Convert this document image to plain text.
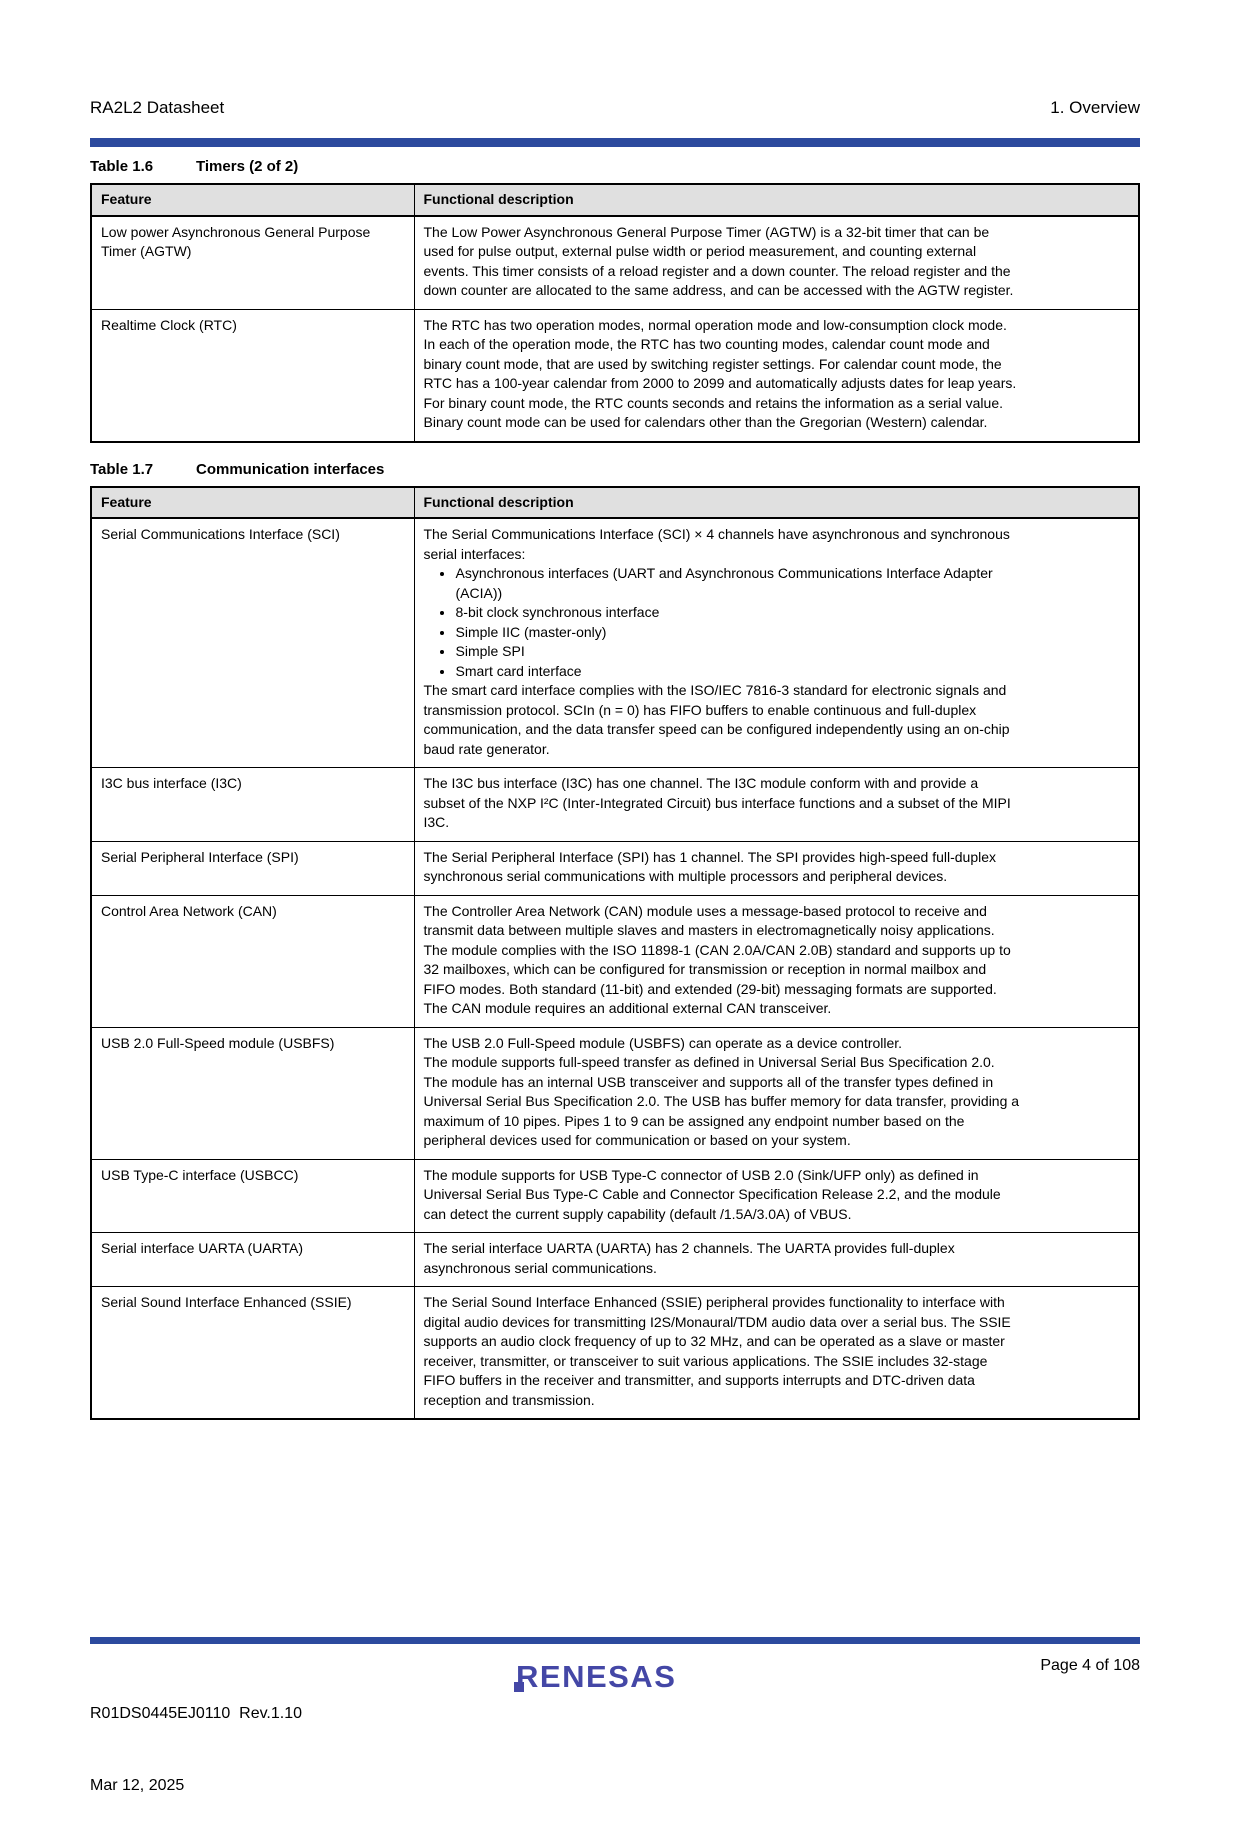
RA2L2 Datasheet	1. Overview
Table 1.6	Timers (2 of 2)
Feature	Functional description
Low power Asynchronous General Purpose Timer (AGTW)	The Low Power Asynchronous General Purpose Timer (AGTW) is a 32-bit timer that can be used for pulse output, external pulse width or period measurement, and counting external events. This timer consists of a reload register and a down counter. The reload register and the down counter are allocated to the same address, and can be accessed with the AGTW register.

Realtime Clock (RTC)	The RTC has two operation modes, normal operation mode and low-consumption clock mode. In each of the operation mode, the RTC has two counting modes, calendar count mode and binary count mode, that are used by switching register settings. For calendar count mode, the RTC has a 100-year calendar from 2000 to 2099 and automatically adjusts dates for leap years. For binary count mode, the RTC counts seconds and retains the information as a serial value. Binary count mode can be used for calendars other than the Gregorian (Western) calendar.
Table 1.7	Communication interfaces
Feature	Functional description
Serial Communications Interface (SCI)	The Serial Communications Interface (SCI) × 4 channels have asynchronous and synchronous serial interfaces:
• Asynchronous interfaces (UART and Asynchronous Communications Interface Adapter (ACIA))
• 8-bit clock synchronous interface
• Simple IIC (master-only)
• Simple SPI
• Smart card interface
The smart card interface complies with the ISO/IEC 7816-3 standard for electronic signals and transmission protocol. SCIn (n = 0) has FIFO buffers to enable continuous and full-duplex communication, and the data transfer speed can be configured independently using an on-chip baud rate generator.

I3C bus interface (I3C)	The I3C bus interface (I3C) has one channel. The I3C module conform with and provide a subset of the NXP I²C (Inter-Integrated Circuit) bus interface functions and a subset of the MIPI I3C.

Serial Peripheral Interface (SPI)	The Serial Peripheral Interface (SPI) has 1 channel. The SPI provides high-speed full-duplex synchronous serial communications with multiple processors and peripheral devices.

Control Area Network (CAN)	The Controller Area Network (CAN) module uses a message-based protocol to receive and transmit data between multiple slaves and masters in electromagnetically noisy applications. The module complies with the ISO 11898-1 (CAN 2.0A/CAN 2.0B) standard and supports up to 32 mailboxes, which can be configured for transmission or reception in normal mailbox and FIFO modes. Both standard (11-bit) and extended (29-bit) messaging formats are supported. The CAN module requires an additional external CAN transceiver.

USB 2.0 Full-Speed module (USBFS)	The USB 2.0 Full-Speed module (USBFS) can operate as a device controller.
The module supports full-speed transfer as defined in Universal Serial Bus Specification 2.0.
The module has an internal USB transceiver and supports all of the transfer types defined in Universal Serial Bus Specification 2.0. The USB has buffer memory for data transfer, providing a maximum of 10 pipes. Pipes 1 to 9 can be assigned any endpoint number based on the peripheral devices used for communication or based on your system.

USB Type-C interface (USBCC)	The module supports for USB Type-C connector of USB 2.0 (Sink/UFP only) as defined in Universal Serial Bus Type-C Cable and Connector Specification Release 2.2, and the module can detect the current supply capability (default /1.5A/3.0A) of VBUS.

Serial interface UARTA (UARTA)	The serial interface UARTA (UARTA) has 2 channels. The UARTA provides full-duplex asynchronous serial communications.

Serial Sound Interface Enhanced (SSIE)	The Serial Sound Interface Enhanced (SSIE) peripheral provides functionality to interface with digital audio devices for transmitting I2S/Monaural/TDM audio data over a serial bus. The SSIE supports an audio clock frequency of up to 32 MHz, and can be operated as a slave or master receiver, transmitter, or transceiver to suit various applications. The SSIE includes 32-stage FIFO buffers in the receiver and transmitter, and supports interrupts and DTC-driven data reception and transmission.

R01DS0445EJ0110  Rev.1.10

Mar 12, 2025

RENESAS	Page 4 of 108
